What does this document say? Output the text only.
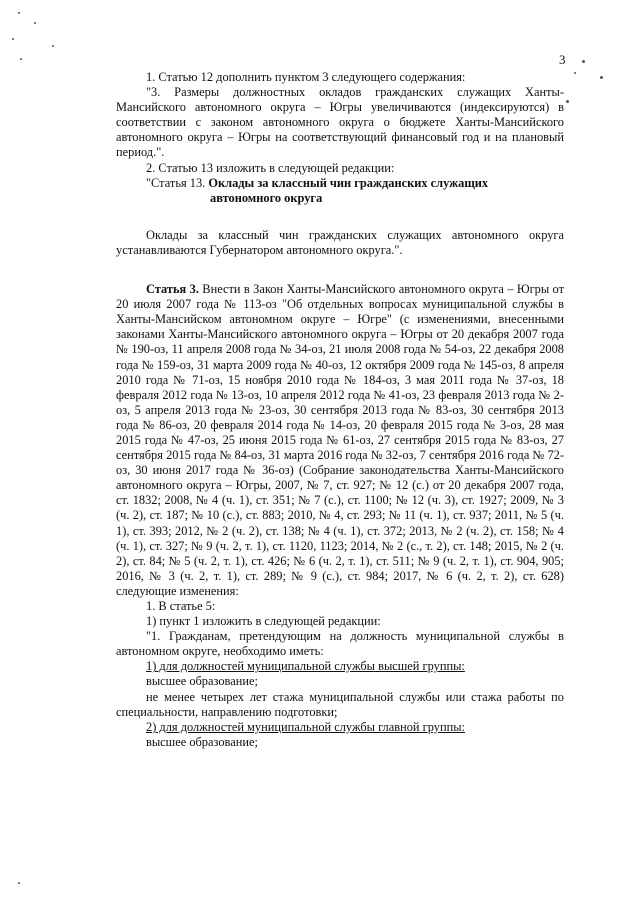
3

1. Статью 12 дополнить пунктом 3 следующего содержания:

"3. Размеры должностных окладов гражданских служащих Ханты-Мансийского автономного округа – Югры увеличиваются (индексируются) в соответствии с законом автономного округа о бюджете Ханты-Мансийского автономного округа – Югры на соответствующий финансовый год и на плановый период.".

2. Статью 13 изложить в следующей редакции:

"Статья 13. Оклады за классный чин гражданских служащих

автономного округа

Оклады за классный чин гражданских служащих автономного округа устанавливаются Губернатором автономного округа.".

Статья 3. Внести в Закон Ханты-Мансийского автономного округа – Югры от 20 июля 2007 года № 113-оз "Об отдельных вопросах муниципальной службы в Ханты-Мансийском автономном округе – Югре" (с изменениями, внесенными законами Ханты-Мансийского автономного округа – Югры от 20 декабря 2007 года № 190-оз, 11 апреля 2008 года № 34-оз, 21 июля 2008 года № 54-оз, 22 декабря 2008 года № 159-оз, 31 марта 2009 года № 40-оз, 12 октября 2009 года № 145-оз, 8 апреля 2010 года № 71-оз, 15 ноября 2010 года № 184-оз, 3 мая 2011 года № 37-оз, 18 февраля 2012 года № 13-оз, 10 апреля 2012 года № 41-оз, 23 февраля 2013 года № 2-оз, 5 апреля 2013 года № 23-оз, 30 сентября 2013 года № 83-оз, 30 сентября 2013 года № 86-оз, 20 февраля 2014 года № 14-оз, 20 февраля 2015 года № 3-оз, 28 мая 2015 года № 47-оз, 25 июня 2015 года № 61-оз, 27 сентября 2015 года № 83-оз, 27 сентября 2015 года № 84-оз, 31 марта 2016 года № 32-оз, 7 сентября 2016 года № 72-оз, 30 июня 2017 года № 36-оз) (Собрание законодательства Ханты-Мансийского автономного округа – Югры, 2007, № 7, ст. 927; № 12 (с.) от 20 декабря 2007 года, ст. 1832; 2008, № 4 (ч. 1), ст. 351; № 7 (с.), ст. 1100; № 12 (ч. 3), ст. 1927; 2009, № 3 (ч. 2), ст. 187; № 10 (с.), ст. 883; 2010, № 4, ст. 293; № 11 (ч. 1), ст. 937; 2011, № 5 (ч. 1), ст. 393; 2012, № 2 (ч. 2), ст. 138; № 4 (ч. 1), ст. 372; 2013, № 2 (ч. 2), ст. 158; № 4 (ч. 1), ст. 327; № 9 (ч. 2, т. 1), ст. 1120, 1123; 2014, № 2 (с., т. 2), ст. 148; 2015, № 2 (ч. 2), ст. 84; № 5 (ч. 2, т. 1), ст. 426; № 6 (ч. 2, т. 1), ст. 511; № 9 (ч. 2, т. 1), ст. 904, 905; 2016, № 3 (ч. 2, т. 1), ст. 289; № 9 (с.), ст. 984; 2017, № 6 (ч. 2, т. 2), ст. 628) следующие изменения:

1. В статье 5:

1) пункт 1 изложить в следующей редакции:

"1. Гражданам, претендующим на должность муниципальной службы в автономном округе, необходимо иметь:

1) для должностей муниципальной службы высшей группы:

высшее образование;

не менее четырех лет стажа муниципальной службы или стажа работы по специальности, направлению подготовки;

2) для должностей муниципальной службы главной группы:

высшее образование;
